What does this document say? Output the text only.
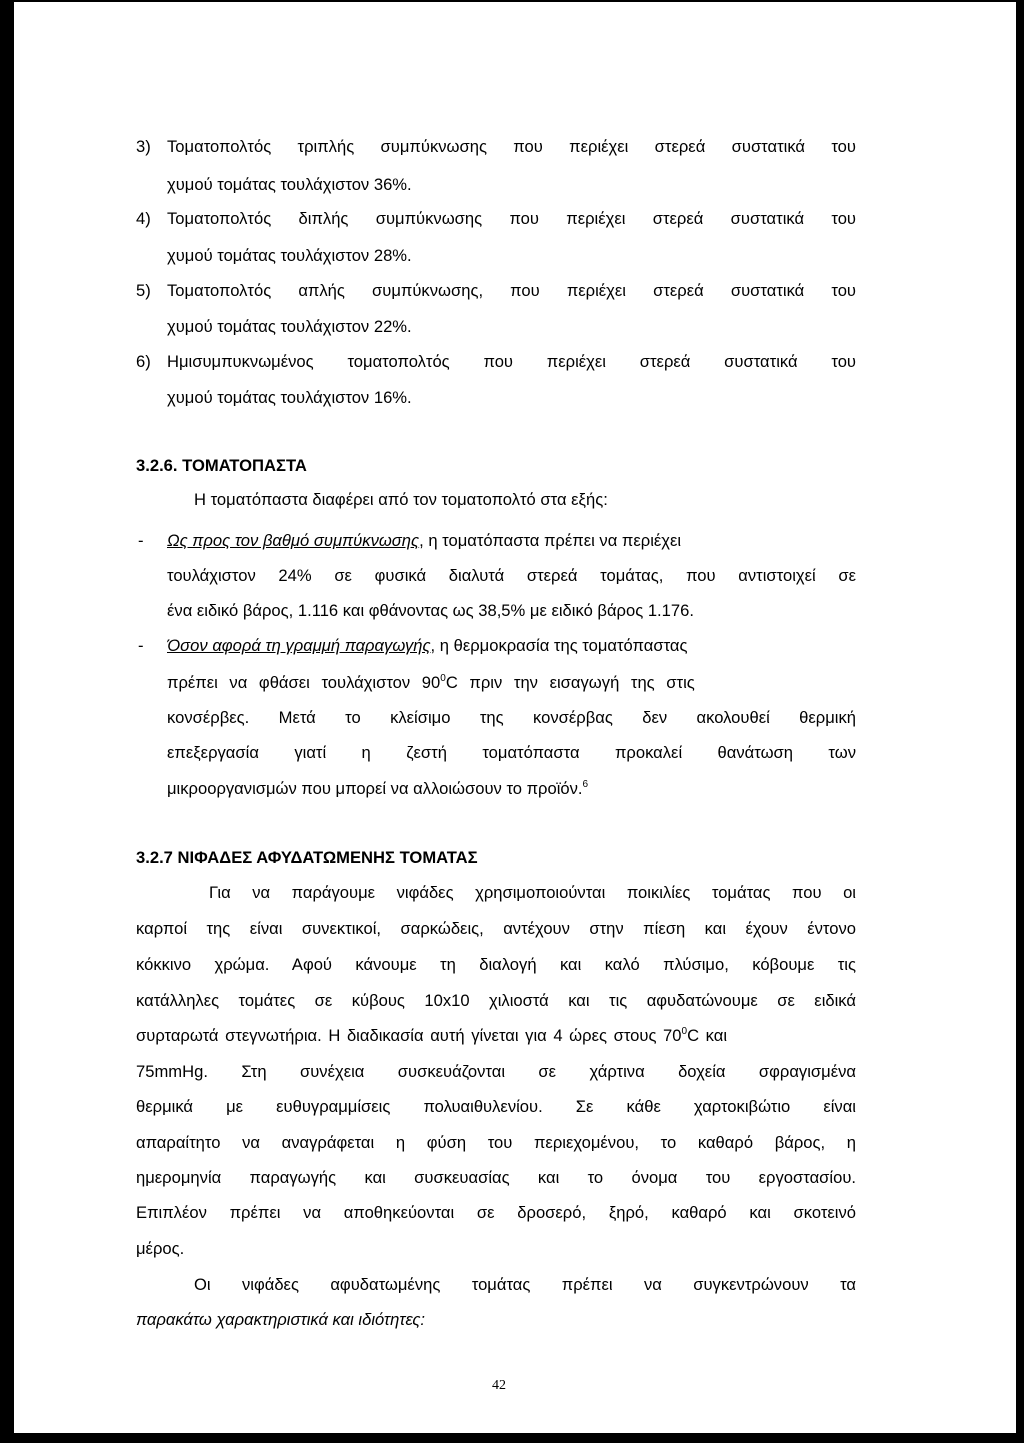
3) Τοματοπολτός τριπλής συμπύκνωσης που περιέχει στερεά συστατικά του
χυμού τομάτας τουλάχιστον 36%.
4) Τοματοπολτός διπλής συμπύκνωσης που περιέχει στερεά συστατικά του
χυμού τομάτας τουλάχιστον 28%.
5) Τοματοπολτός απλής συμπύκνωσης, που περιέχει στερεά συστατικά του
χυμού τομάτας τουλάχιστον 22%.
6) Ημισυμπυκνωμένος τοματοπολτός που περιέχει στερεά συστατικά του
χυμού τομάτας τουλάχιστον 16%.
3.2.6. ΤΟΜΑΤΟΠΑΣΤΑ
Η τοματόπαστα διαφέρει από τον τοματοπολτό στα εξής:
- Ως προς τον βαθμό συμπύκνωσης, η τοματόπαστα πρέπει να περιέχει
τουλάχιστον 24% σε φυσικά διαλυτά στερεά τομάτας, που αντιστοιχεί σε
ένα ειδικό βάρος, 1.116 και φθάνοντας ως 38,5% με ειδικό βάρος 1.176.
- Όσον αφορά τη γραμμή παραγωγής, η θερμοκρασία της τοματόπαστας
πρέπει να φθάσει τουλάχιστον $90^0C$ πριν την εισαγωγή της στις
κονσέρβες. Μετά το κλείσιμο της κονσέρβας δεν ακολουθεί θερμική
επεξεργασία γιατί η ζεστή τοματόπαστα προκαλεί θανάτωση των
μικροοργανισμών που μπορεί να αλλοιώσουν το προϊόν.$^6$
3.2.7 ΝΙΦΑΔΕΣ ΑΦΥΔΑΤΩΜΕΝΗΣ ΤΟΜΑΤΑΣ
Για να παράγουμε νιφάδες χρησιμοποιούνται ποικιλίες τομάτας που οι
καρποί της είναι συνεκτικοί, σαρκώδεις, αντέχουν στην πίεση και έχουν έντονο
κόκκινο χρώμα. Αφού κάνουμε τη διαλογή και καλό πλύσιμο, κόβουμε τις
κατάλληλες τομάτες σε κύβους 10x10 χιλιοστά και τις αφυδατώνουμε σε ειδικά
συρταρωτά στεγνωτήρια. Η διαδικασία αυτή γίνεται για 4 ώρες στους $70^0C$ και
75mmHg. Στη συνέχεια συσκευάζονται σε χάρτινα δοχεία σφραγισμένα
θερμικά με ευθυγραμμίσεις πολυαιθυλενίου. Σε κάθε χαρτοκιβώτιο είναι
απαραίτητο να αναγράφεται η φύση του περιεχομένου, το καθαρό βάρος, η
ημερομηνία παραγωγής και συσκευασίας και το όνομα του εργοστασίου.
Επιπλέον πρέπει να αποθηκεύονται σε δροσερό, ξηρό, καθαρό και σκοτεινό
μέρος.
Οι νιφάδες αφυδατωμένης τομάτας πρέπει να συγκεντρώνουν τα
παρακάτω χαρακτηριστικά και ιδιότητες:
42
